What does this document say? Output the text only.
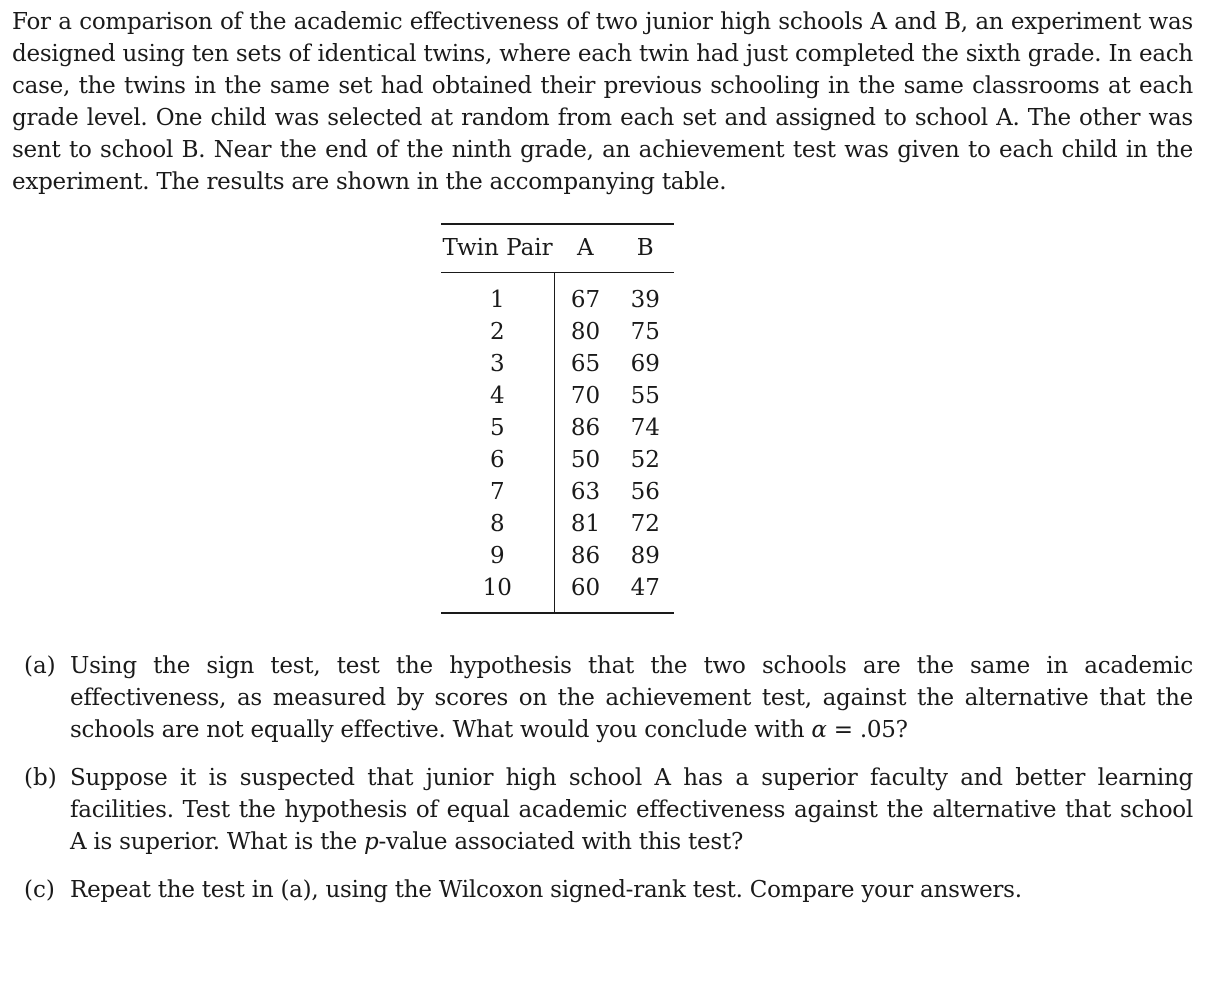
For a comparison of the academic effectiveness of two junior high schools A and B, an experiment was designed using ten sets of identical twins, where each twin had just completed the sixth grade. In each case, the twins in the same set had obtained their previous schooling in the same classrooms at each grade level. One child was selected at random from each set and assigned to school A. The other was sent to school B. Near the end of the ninth grade, an achievement test was given to each child in the experiment. The results are shown in the accompanying table.

Twin Pair	A	B
1	67	39
2	80	75
3	65	69
4	70	55
5	86	74
6	50	52
7	63	56
8	81	72
9	86	89
10	60	47
(a) Using the sign test, test the hypothesis that the two schools are the same in academic effectiveness, as measured by scores on the achievement test, against the alternative that the schools are not equally effective. What would you conclude with α = .05?
(b) Suppose it is suspected that junior high school A has a superior faculty and better learning facilities. Test the hypothesis of equal academic effectiveness against the alternative that school A is superior. What is the p-value associated with this test?
(c) Repeat the test in (a), using the Wilcoxon signed-rank test. Compare your answers.
